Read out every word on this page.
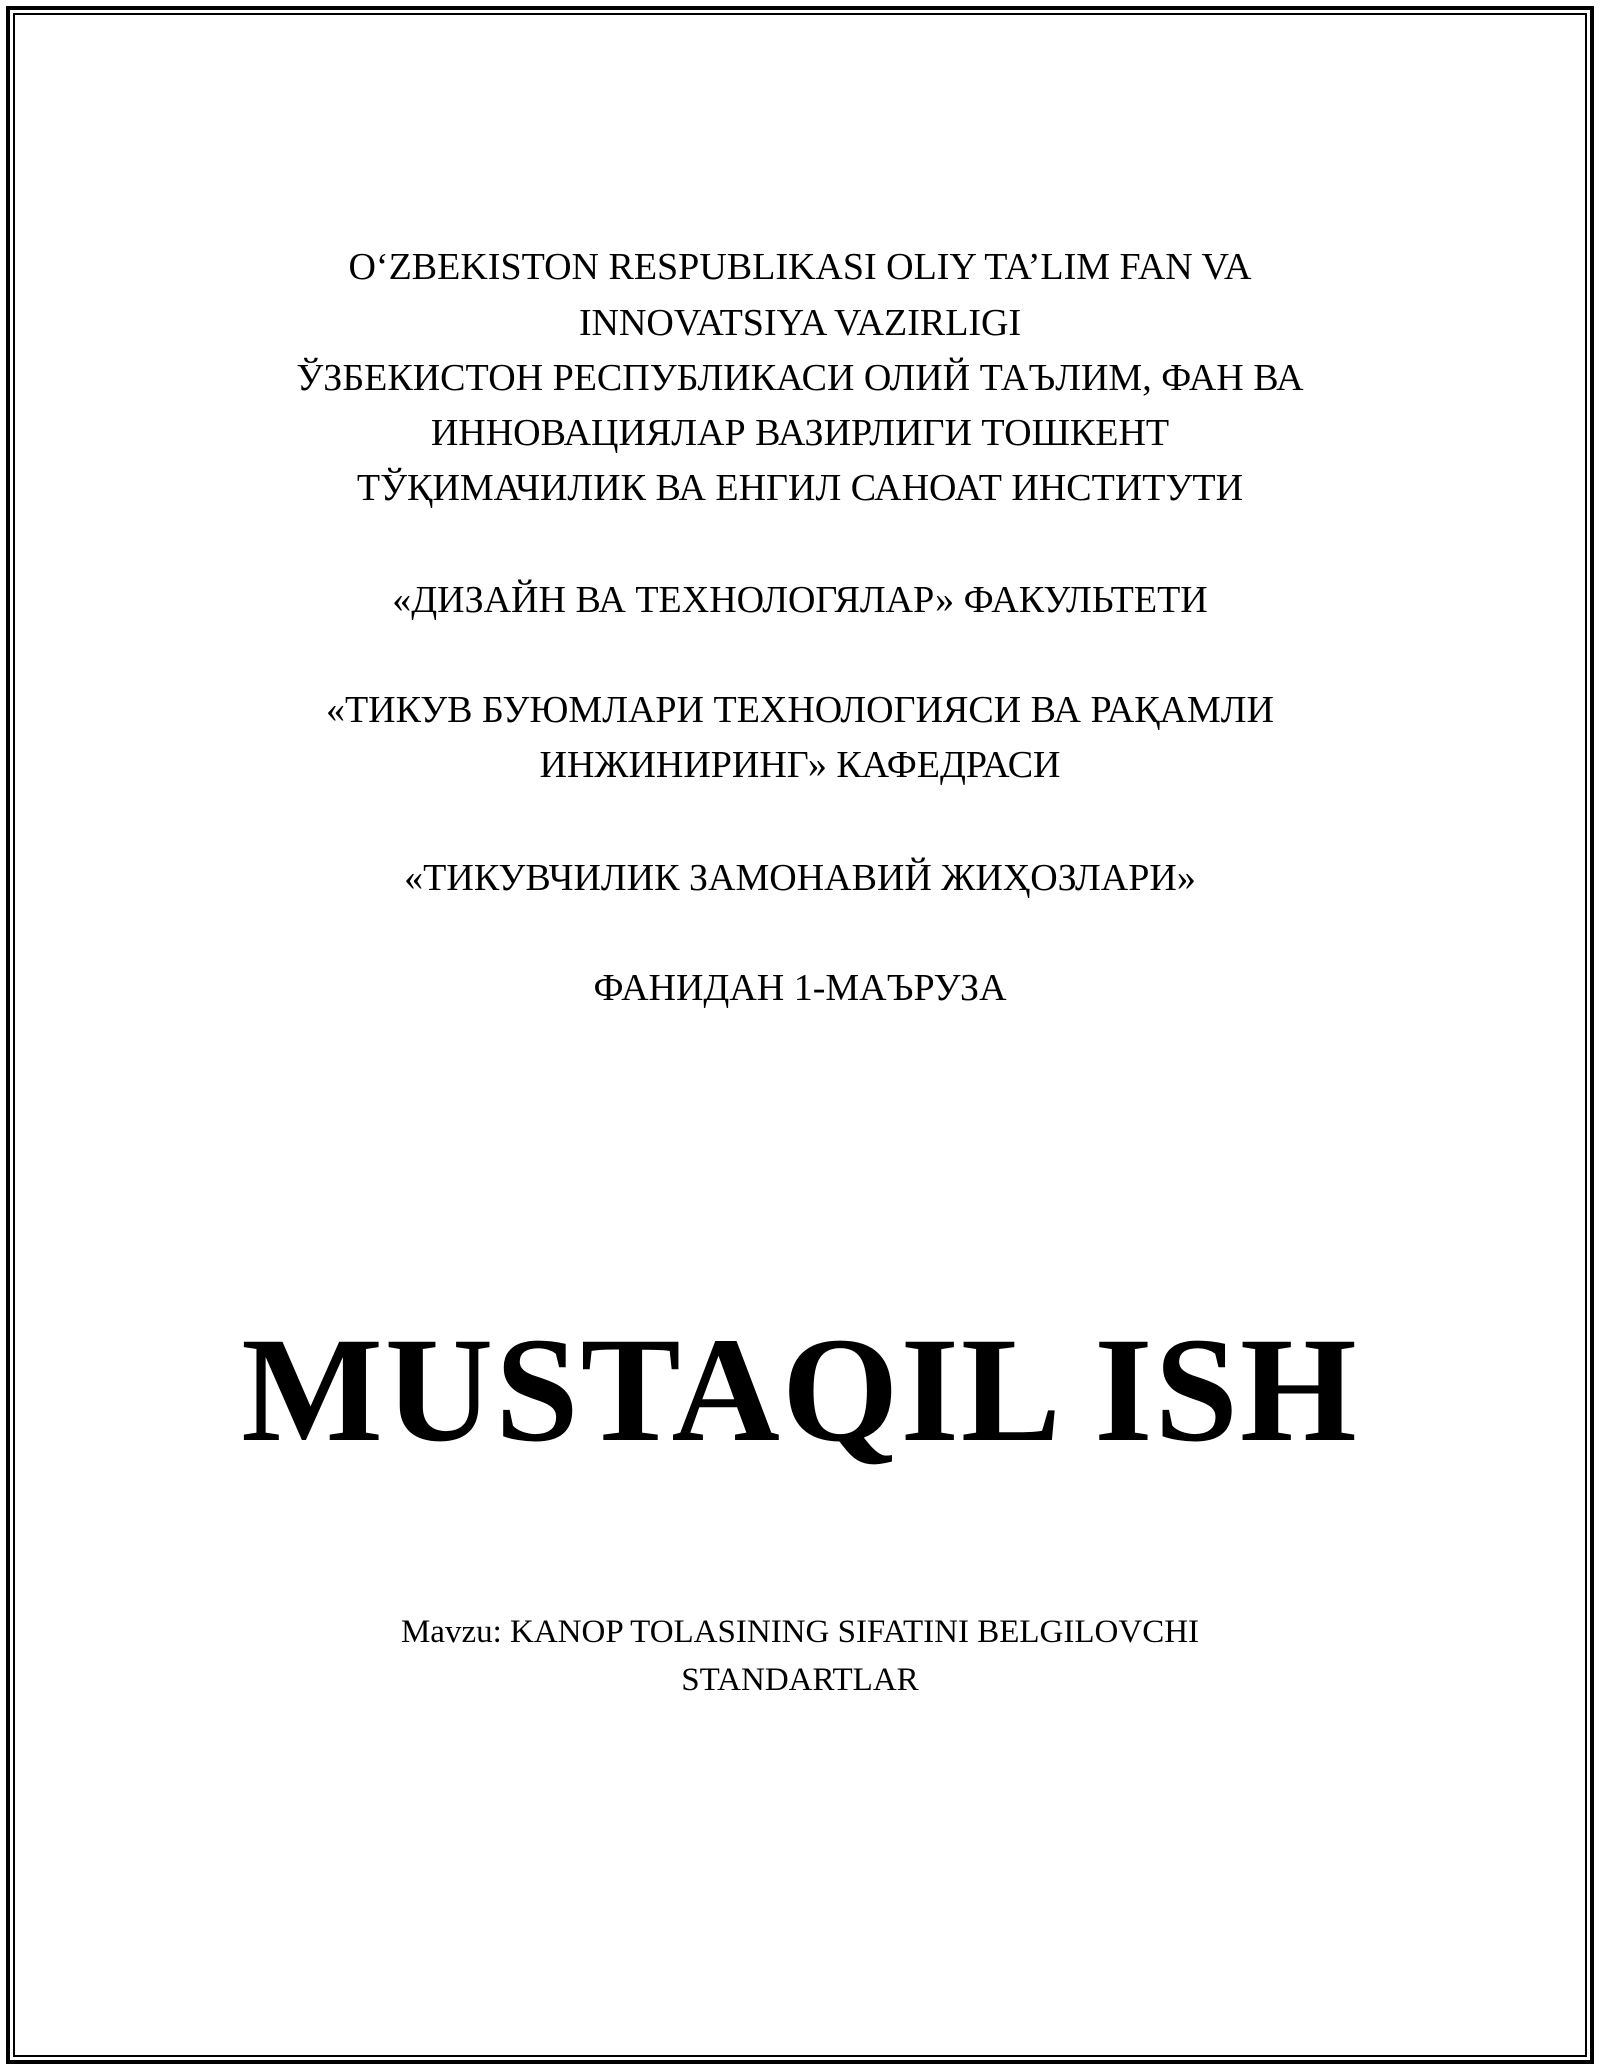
O‘ZBEKISTON RESPUBLIKASI OLIY TA’LIM FAN VA
INNOVATSIYA VAZIRLIGI
ЎЗБЕКИСТОН РЕСПУБЛИКАСИ ОЛИЙ ТАЪЛИМ, ФАН ВА
ИННОВАЦИЯЛАР ВАЗИРЛИГИ ТОШКЕНТ
ТЎҚИМАЧИЛИК ВА ЕНГИЛ САНОАТ ИНСТИТУТИ
«ДИЗАЙН ВА ТЕХНОЛОГЯЛАР» ФАКУЛЬТЕТИ
«ТИКУВ БУЮМЛАРИ ТЕХНОЛОГИЯСИ ВА РАҚАМЛИ
ИНЖИНИРИНГ» КАФЕДРАСИ
«ТИКУВЧИЛИК ЗАМОНАВИЙ ЖИҲОЗЛАРИ»
ФАНИДАН 1-МАЪРУЗА
MUSTAQIL ISH
Mavzu: KANOP TOLASINING SIFATINI BELGILOVCHI
STANDARTLAR
